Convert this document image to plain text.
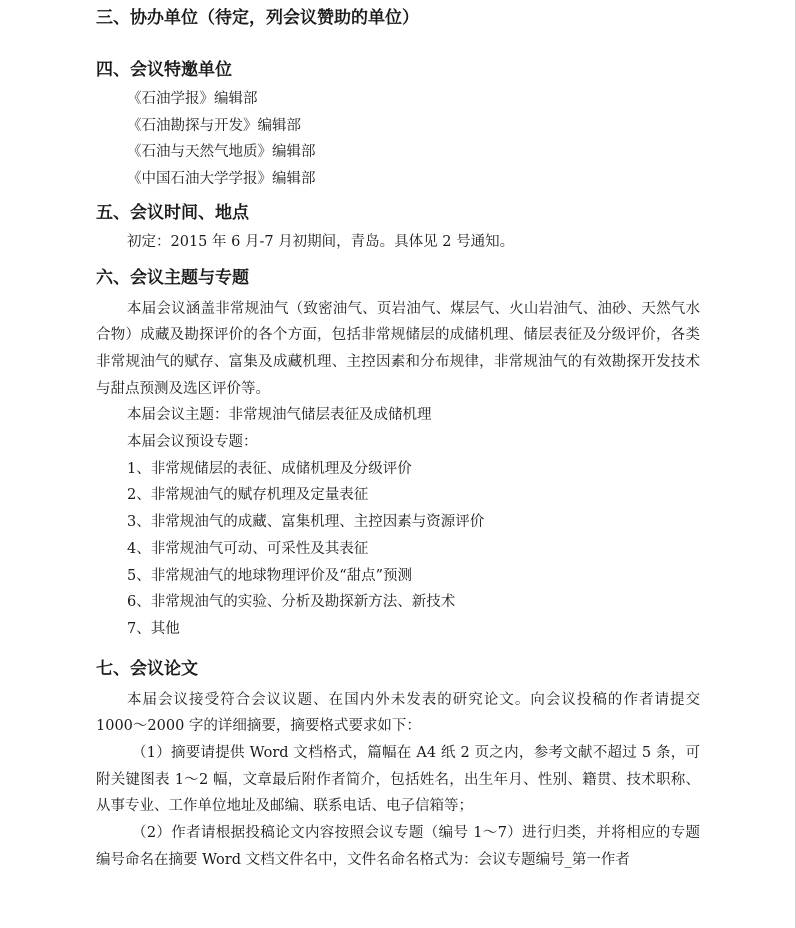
三、协办单位（待定，列会议赞助的单位）
四、会议特邀单位

《石油学报》编辑部

《石油勘探与开发》编辑部

《石油与天然气地质》编辑部

《中国石油大学学报》编辑部

五、会议时间、地点

初定：2015 年 6 月-7 月初期间，青岛。具体见 2 号通知。

六、会议主题与专题

本届会议涵盖非常规油气（致密油气、页岩油气、煤层气、火山岩油气、油砂、天然气水合物）成藏及勘探评价的各个方面，包括非常规储层的成储机理、储层表征及分级评价，各类非常规油气的赋存、富集及成藏机理、主控因素和分布规律，非常规油气的有效勘探开发技术与甜点预测及选区评价等。

本届会议主题：非常规油气储层表征及成储机理

本届会议预设专题：

1、非常规储层的表征、成储机理及分级评价

2、非常规油气的赋存机理及定量表征

3、非常规油气的成藏、富集机理、主控因素与资源评价

4、非常规油气可动、可采性及其表征

5、非常规油气的地球物理评价及“甜点”预测

6、非常规油气的实验、分析及勘探新方法、新技术

7、其他

七、会议论文

本届会议接受符合会议议题、在国内外未发表的研究论文。向会议投稿的作者请提交 1000～2000 字的详细摘要，摘要格式要求如下：

（1）摘要请提供 Word 文档格式，篇幅在 A4 纸 2 页之内，参考文献不超过 5 条，可附关键图表 1～2 幅，文章最后附作者简介，包括姓名，出生年月、性别、籍贯、技术职称、从事专业、工作单位地址及邮编、联系电话、电子信箱等；

（2）作者请根据投稿论文内容按照会议专题（编号 1～7）进行归类，并将相应的专题编号命名在摘要 Word 文档文件名中，文件名命名格式为：会议专题编号_第一作者
